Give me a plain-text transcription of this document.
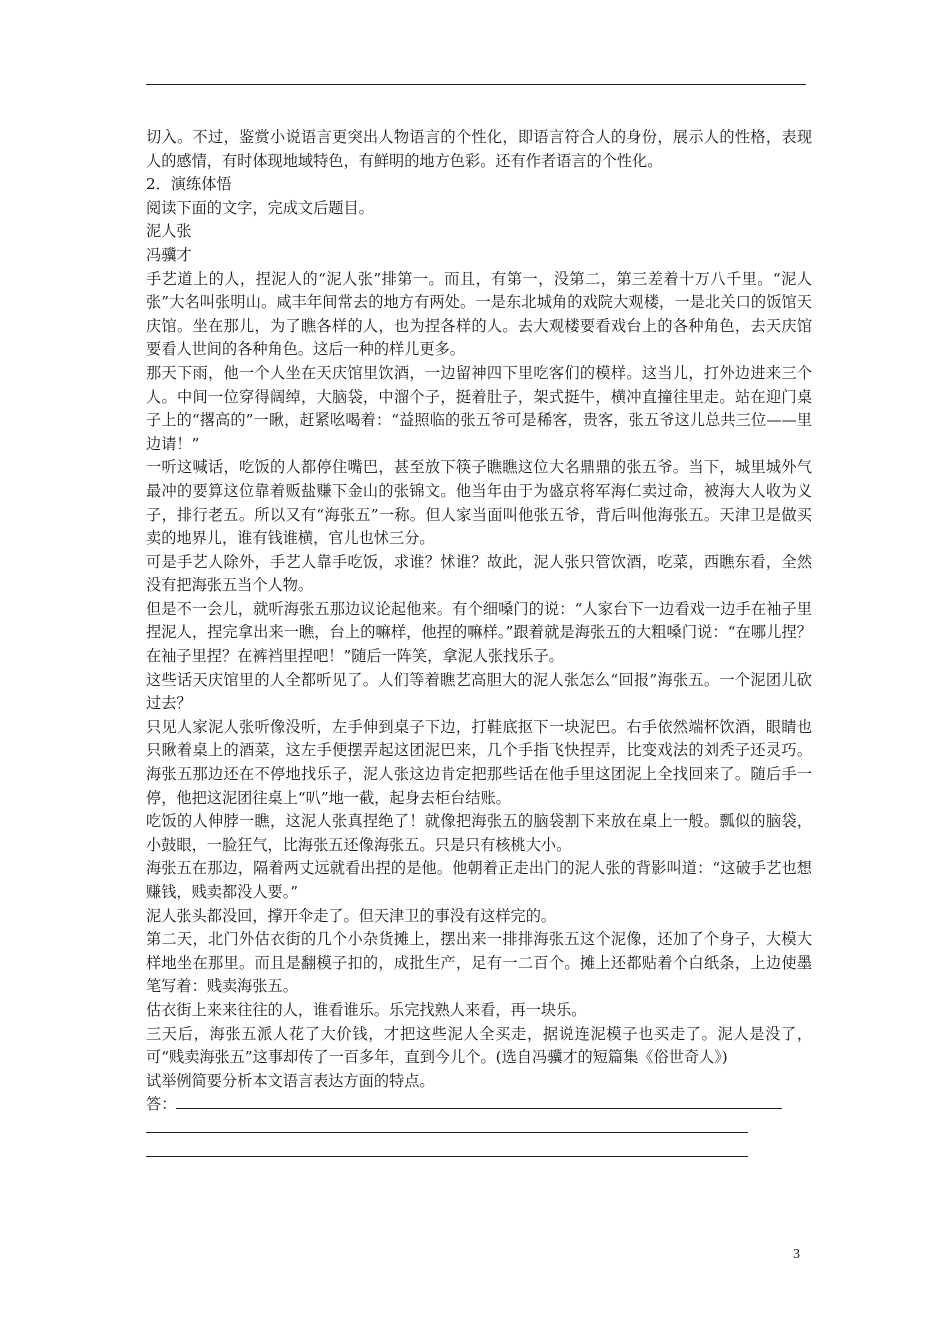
切入。不过，鉴赏小说语言更突出人物语言的个性化，即语言符合人的身份，展示人的性格，表现人的感情，有时体现地域特色，有鲜明的地方色彩。还有作者语言的个性化。

2．演练体悟

阅读下面的文字，完成文后题目。

泥人张

冯骥才

手艺道上的人，捏泥人的“泥人张”排第一。而且，有第一，没第二，第三差着十万八千里。“泥人张”大名叫张明山。咸丰年间常去的地方有两处。一是东北城角的戏院大观楼，一是北关口的饭馆天庆馆。坐在那儿，为了瞧各样的人，也为捏各样的人。去大观楼要看戏台上的各种角色，去天庆馆要看人世间的各种角色。这后一种的样儿更多。

那天下雨，他一个人坐在天庆馆里饮酒，一边留神四下里吃客们的模样。这当儿，打外边进来三个人。中间一位穿得阔绰，大脑袋，中溜个子，挺着肚子，架式挺牛，横冲直撞往里走。站在迎门桌子上的“撂高的”一瞅，赶紧吆喝着：“益照临的张五爷可是稀客，贵客，张五爷这儿总共三位——里边请！”

一听这喊话，吃饭的人都停住嘴巴，甚至放下筷子瞧瞧这位大名鼎鼎的张五爷。当下，城里城外气最冲的要算这位靠着贩盐赚下金山的张锦文。他当年由于为盛京将军海仁卖过命，被海大人收为义子，排行老五。所以又有“海张五”一称。但人家当面叫他张五爷，背后叫他海张五。天津卫是做买卖的地界儿，谁有钱谁横，官儿也怵三分。

可是手艺人除外，手艺人靠手吃饭，求谁？怵谁？故此，泥人张只管饮酒，吃菜，西瞧东看，全然没有把海张五当个人物。

但是不一会儿，就听海张五那边议论起他来。有个细嗓门的说：“人家台下一边看戏一边手在袖子里捏泥人，捏完拿出来一瞧，台上的嘛样，他捏的嘛样。”跟着就是海张五的大粗嗓门说：“在哪儿捏？在袖子里捏？在裤裆里捏吧！”随后一阵笑，拿泥人张找乐子。

这些话天庆馆里的人全都听见了。人们等着瞧艺高胆大的泥人张怎么“回报”海张五。一个泥团儿砍过去？

只见人家泥人张听像没听，左手伸到桌子下边，打鞋底抠下一块泥巴。右手依然端杯饮酒，眼睛也只瞅着桌上的酒菜，这左手便摆弄起这团泥巴来，几个手指飞快捏弄，比变戏法的刘秃子还灵巧。海张五那边还在不停地找乐子，泥人张这边肯定把那些话在他手里这团泥上全找回来了。随后手一停，他把这泥团往桌上“叭”地一截，起身去柜台结账。

吃饭的人伸脖一瞧，这泥人张真捏绝了！就像把海张五的脑袋割下来放在桌上一般。瓢似的脑袋，小鼓眼，一脸狂气，比海张五还像海张五。只是只有核桃大小。

海张五在那边，隔着两丈远就看出捏的是他。他朝着正走出门的泥人张的背影叫道：“这破手艺也想赚钱，贱卖都没人要。”

泥人张头都没回，撑开伞走了。但天津卫的事没有这样完的。

第二天，北门外估衣街的几个小杂货摊上，摆出来一排排海张五这个泥像，还加了个身子，大模大样地坐在那里。而且是翻模子扣的，成批生产，足有一二百个。摊上还都贴着个白纸条，上边使墨笔写着：贱卖海张五。

估衣街上来来往往的人，谁看谁乐。乐完找熟人来看，再一块乐。

三天后，海张五派人花了大价钱，才把这些泥人全买走，据说连泥模子也买走了。泥人是没了，可“贱卖海张五”这事却传了一百多年，直到今儿个。(选自冯骥才的短篇集《俗世奇人》)

试举例简要分析本文语言表达方面的特点。

答：
3
